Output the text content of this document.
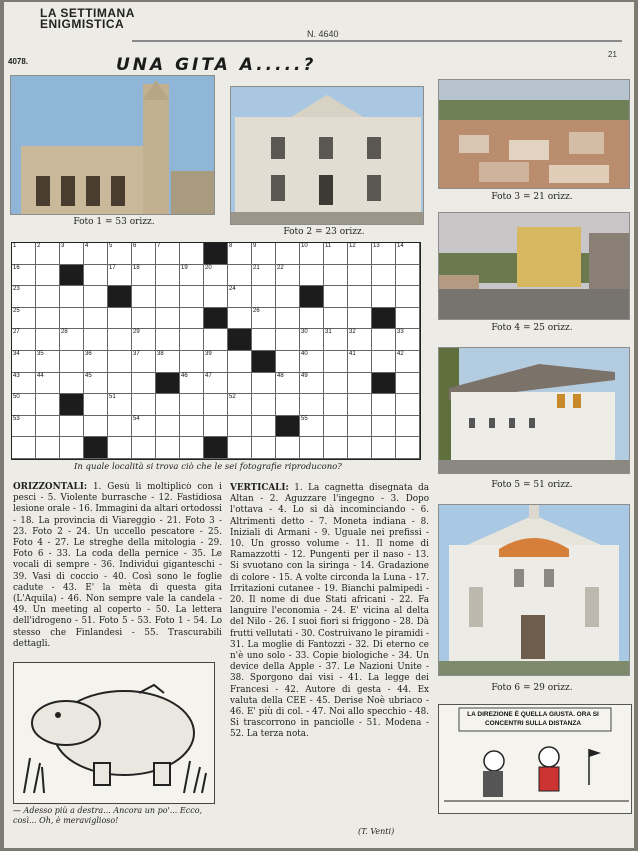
LA SETTIMANA
ENIGMISTICA
N. 4640
21
4078.	UNA GITA A.....?
Foto 1 = 53 orizz.
Foto 2 = 23 orizz.
Foto 3 = 21 orizz.
Foto 4 = 25 orizz.
Foto 5 = 51 orizz.
Foto 6 = 29 orizz.
1	2	3	4	5	6	7	8	9	10	11	12	13	14
16	17	18	19	20	21	22
23	24
25	26
27	28	29	30	31	32	33
34	35	36	37	38	39	40	41	42
43	44	45	46	47	48	49
50	51	52
53	54	55
In quale località si trova ciò che le sei fotografie riproducono?
ORIZZONTALI: 1. Gesù li moltiplicò con i pesci - 5. Violente burrasche - 12. Fastidiosa lesione orale - 16. Immagini da altari ortodossi - 18. La provincia di Viareggio - 21. Foto 3 - 23. Foto 2 - 24. Un uccello pescatore - 25. Foto 4 - 27. Le streghe della mitologia - 29. Foto 6 - 33. La coda della pernice - 35. Le vocali di sempre - 36. Individui giganteschi - 39. Vasi di coccio - 40. Così sono le foglie cadute - 43. E' la mèta di questa gita (L'Aquila) - 46. Non sempre vale la candela - 49. Un meeting al coperto - 50. La lettera dell'idrogeno - 51. Foto 5 - 53. Foto 1 - 54. Lo stesso che Finlandesi - 55. Trascurabili dettagli.
VERTICALI: 1. La cagnetta disegnata da Altan - 2. Aguzzare l'ingegno - 3. Dopo l'ottava - 4. Lo si dà incominciando - 6. Altrimenti detto - 7. Moneta indiana - 8. Iniziali di Armani - 9. Uguale nei prefissi - 10. Un grosso volume - 11. Il nome di Ramazzotti - 12. Pungenti per il naso - 13. Si svuotano con la siringa - 14. Gradazione di colore - 15. A volte circonda la Luna - 17. Irritazioni cutanee - 19. Bianchi palmipedi - 20. Il nome di due Stati africani - 22. Fa languire l'economia - 24. E' vicina al delta del Nilo - 26. I suoi fiori si friggono - 28. Dà frutti vellutati - 30. Costruivano le piramidi - 31. La moglie di Fantozzi - 32. Di eterno ce n'è uno solo - 33. Copie biologiche - 34. Un device della Apple - 37. Le Nazioni Unite - 38. Sporgono dai visi - 41. La legge dei Francesi - 42. Autore di gesta - 44. Ex valuta della CEE - 45. Derise Noè ubriaco - 46. E' più di col. - 47. Noi allo specchio - 48. Si trascorrono in panciolle - 51. Modena - 52. La terza nota.
(T. Venti)
— Adesso più a destra... Ancora un po'... Ecco, così... Oh, è meraviglioso!
LA DIREZIONE È QUELLA GIUSTA. ORA SI CONCENTRI SULLA DISTANZA
